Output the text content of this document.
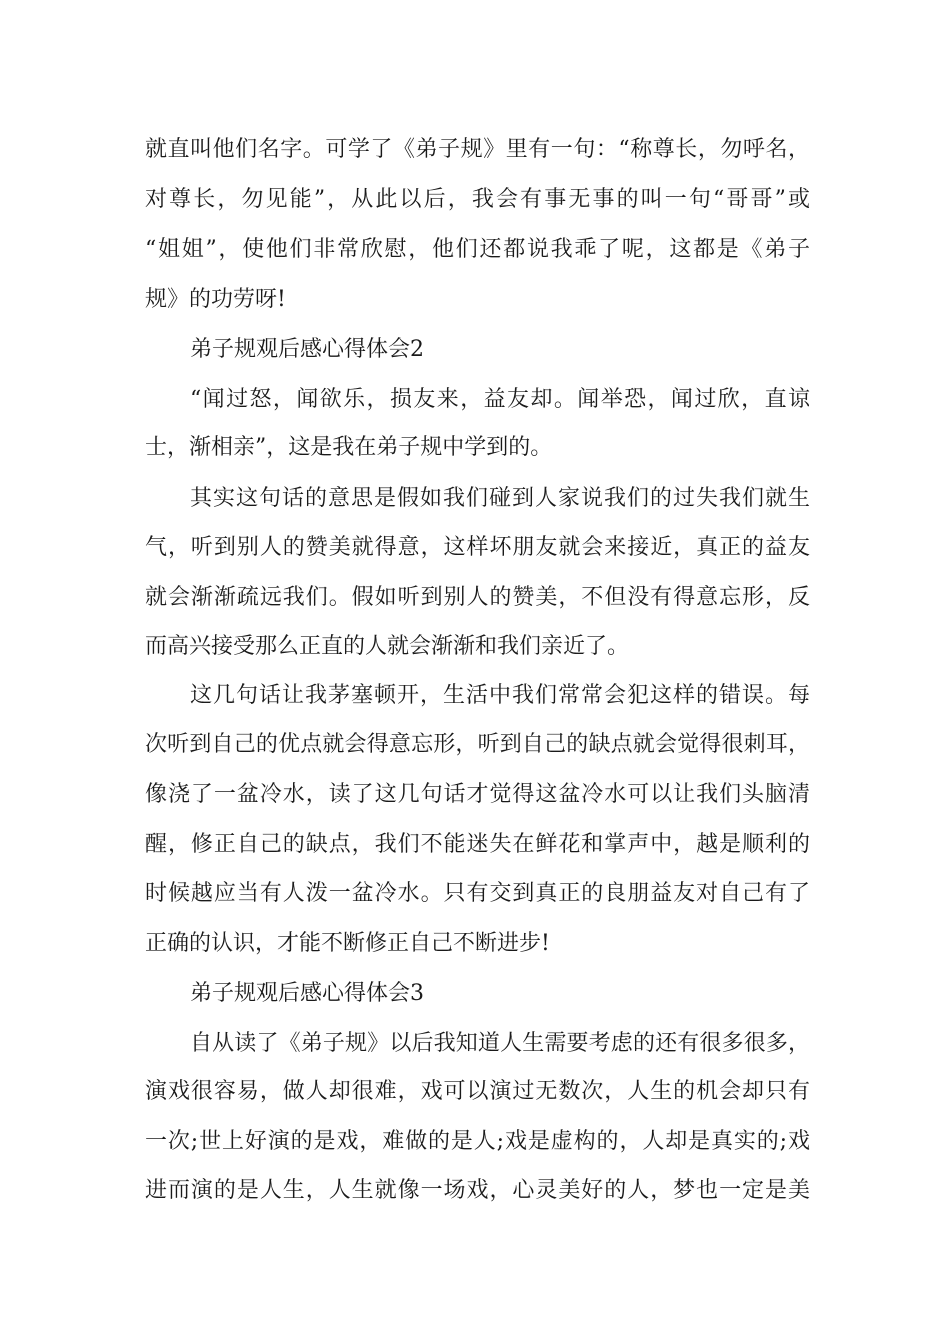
就直叫他们名字。可学了《弟子规》里有一句：“称尊长，勿呼名，
对尊长，勿见能”，从此以后，我会有事无事的叫一句“哥哥”或
“姐姐”，使他们非常欣慰，他们还都说我乖了呢，这都是《弟子
规》的功劳呀!
弟子规观后感心得体会2
“闻过怒，闻欲乐，损友来，益友却。闻举恐，闻过欣，直谅
士，渐相亲”，这是我在弟子规中学到的。
其实这句话的意思是假如我们碰到人家说我们的过失我们就生
气，听到别人的赞美就得意，这样坏朋友就会来接近，真正的益友
就会渐渐疏远我们。假如听到别人的赞美，不但没有得意忘形，反
而高兴接受那么正直的人就会渐渐和我们亲近了。
这几句话让我茅塞顿开，生活中我们常常会犯这样的错误。每
次听到自己的优点就会得意忘形，听到自己的缺点就会觉得很刺耳，
像浇了一盆冷水，读了这几句话才觉得这盆冷水可以让我们头脑清
醒，修正自己的缺点，我们不能迷失在鲜花和掌声中，越是顺利的
时候越应当有人泼一盆冷水。只有交到真正的良朋益友对自己有了
正确的认识，才能不断修正自己不断进步!
弟子规观后感心得体会3
自从读了《弟子规》以后我知道人生需要考虑的还有很多很多，
演戏很容易，做人却很难，戏可以演过无数次，人生的机会却只有
一次;世上好演的是戏，难做的是人;戏是虚构的，人却是真实的;戏
进而演的是人生，人生就像一场戏，心灵美好的人，梦也一定是美
